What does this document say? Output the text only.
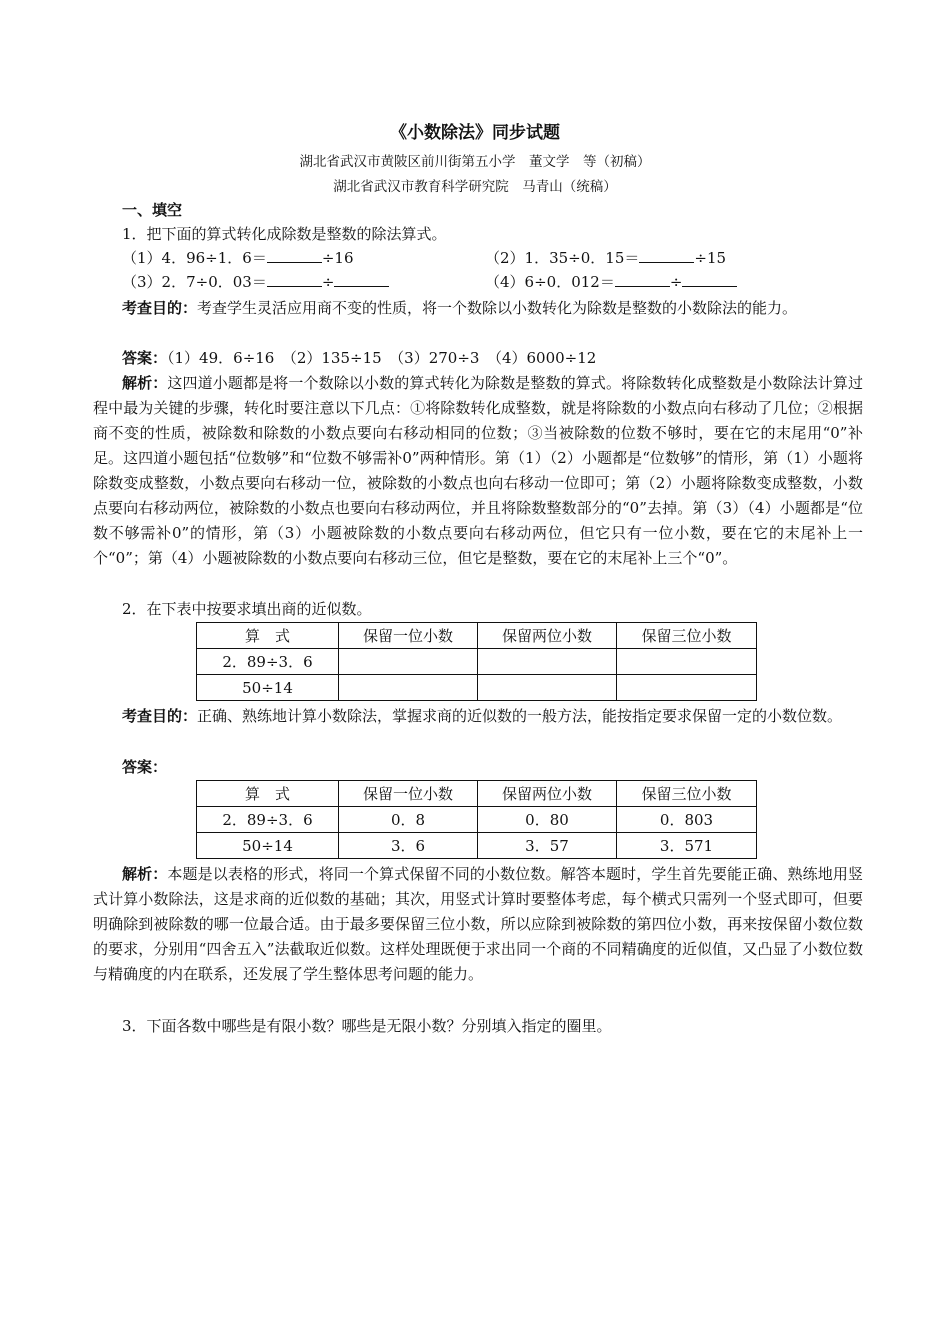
《小数除法》同步试题
湖北省武汉市黄陂区前川街第五小学　董文学　等（初稿）
湖北省武汉市教育科学研究院　马青山（统稿）
一、填空
1．把下面的算式转化成除数是整数的除法算式。
（1）4．96÷1．6＝	÷16	（2）1．35÷0．15＝	÷15
（3）2．7÷0．03＝	÷	（4）6÷0．012＝	÷
考查目的：考查学生灵活应用商不变的性质，将一个数除以小数转化为除数是整数的小数除法的能力。
答案：（1）49．6÷16　（2）135÷15　（3）270÷3　（4）6000÷12
解析：这四道小题都是将一个数除以小数的算式转化为除数是整数的算式。将除数转化成整数是小数除法计算过程中最为关键的步骤，转化时要注意以下几点：①将除数转化成整数，就是将除数的小数点向右移动了几位；②根据商不变的性质，被除数和除数的小数点要向右移动相同的位数；③当被除数的位数不够时，要在它的末尾用“0”补足。这四道小题包括“位数够”和“位数不够需补0”两种情形。第（1）（2）小题都是“位数够”的情形，第（1）小题将除数变成整数，小数点要向右移动一位，被除数的小数点也向右移动一位即可；第（2）小题将除数变成整数，小数点要向右移动两位，被除数的小数点也要向右移动两位，并且将除数整数部分的“0”去掉。第（3）（4）小题都是“位数不够需补0”的情形，第（3）小题被除数的小数点要向右移动两位，但它只有一位小数，要在它的末尾补上一个“0”；第（4）小题被除数的小数点要向右移动三位，但它是整数，要在它的末尾补上三个“0”。
2．在下表中按要求填出商的近似数。
算　式	保留一位小数	保留两位小数	保留三位小数
2．89÷3．6			
50÷14			
考查目的：正确、熟练地计算小数除法，掌握求商的近似数的一般方法，能按指定要求保留一定的小数位数。
答案：
算　式	保留一位小数	保留两位小数	保留三位小数
2．89÷3．6	0．8	0．80	0．803
50÷14	3．6	3．57	3．571
解析：本题是以表格的形式，将同一个算式保留不同的小数位数。解答本题时，学生首先要能正确、熟练地用竖式计算小数除法，这是求商的近似数的基础；其次，用竖式计算时要整体考虑，每个横式只需列一个竖式即可，但要明确除到被除数的哪一位最合适。由于最多要保留三位小数，所以应除到被除数的第四位小数，再来按保留小数位数的要求，分别用“四舍五入”法截取近似数。这样处理既便于求出同一个商的不同精确度的近似值，又凸显了小数位数与精确度的内在联系，还发展了学生整体思考问题的能力。
3．下面各数中哪些是有限小数？哪些是无限小数？分别填入指定的圈里。
